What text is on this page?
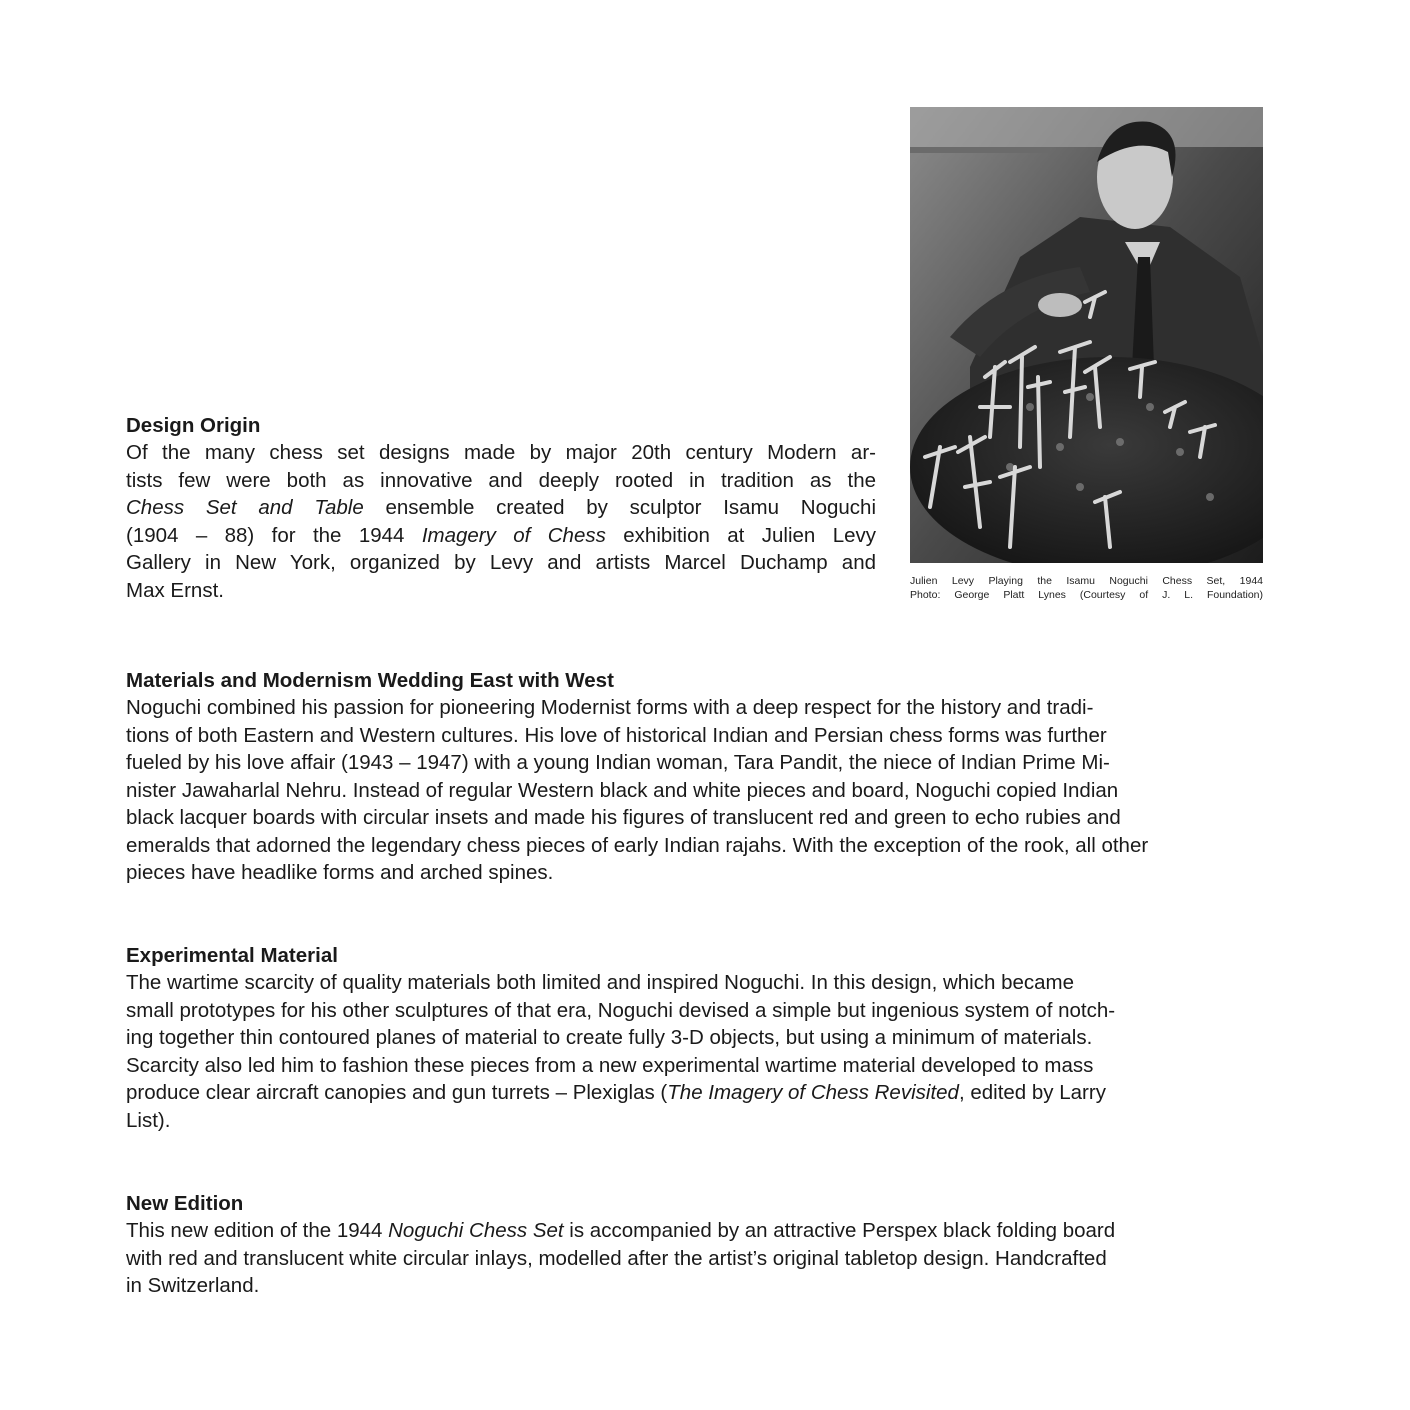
Design Origin
Of the many chess set designs made by major 20th century Modern ar-
tists few were both as innovative and deeply rooted in tradition as the
Chess Set and Table ensemble created by sculptor Isamu Noguchi
(1904 – 88) for the 1944 Imagery of Chess exhibition at Julien Levy
Gallery in New York, organized by Levy and artists Marcel Duchamp and
Max Ernst.	Julien Levy Playing the Isamu Noguchi Chess Set, 1944
Photo: George Platt Lynes (Courtesy of J. L. Foundation)
Materials and Modernism Wedding East with West
Noguchi combined his passion for pioneering Modernist forms with a deep respect for the history and tradi-
tions of both Eastern and Western cultures. His love of historical Indian and Persian chess forms was further
fueled by his love affair (1943 – 1947) with a young Indian woman, Tara Pandit, the niece of Indian Prime Mi-
nister Jawaharlal Nehru. Instead of regular Western black and white pieces and board, Noguchi copied Indian
black lacquer boards with circular insets and made his figures of translucent red and green to echo rubies and
emeralds that adorned the legendary chess pieces of early Indian rajahs. With the exception of the rook, all other
pieces have headlike forms and arched spines.
Experimental Material
The wartime scarcity of quality materials both limited and inspired Noguchi. In this design, which became
small prototypes for his other sculptures of that era, Noguchi devised a simple but ingenious system of notch-
ing together thin contoured planes of material to create fully 3-D objects, but using a minimum of materials.
Scarcity also led him to fashion these pieces from a new experimental wartime material developed to mass
produce clear aircraft canopies and gun turrets – Plexiglas (The Imagery of Chess Revisited, edited by Larry
List).
New Edition
This new edition of the 1944 Noguchi Chess Set is accompanied by an attractive Perspex black folding board
with red and translucent white circular inlays, modelled after the artist’s original tabletop design. Handcrafted
in Switzerland.
